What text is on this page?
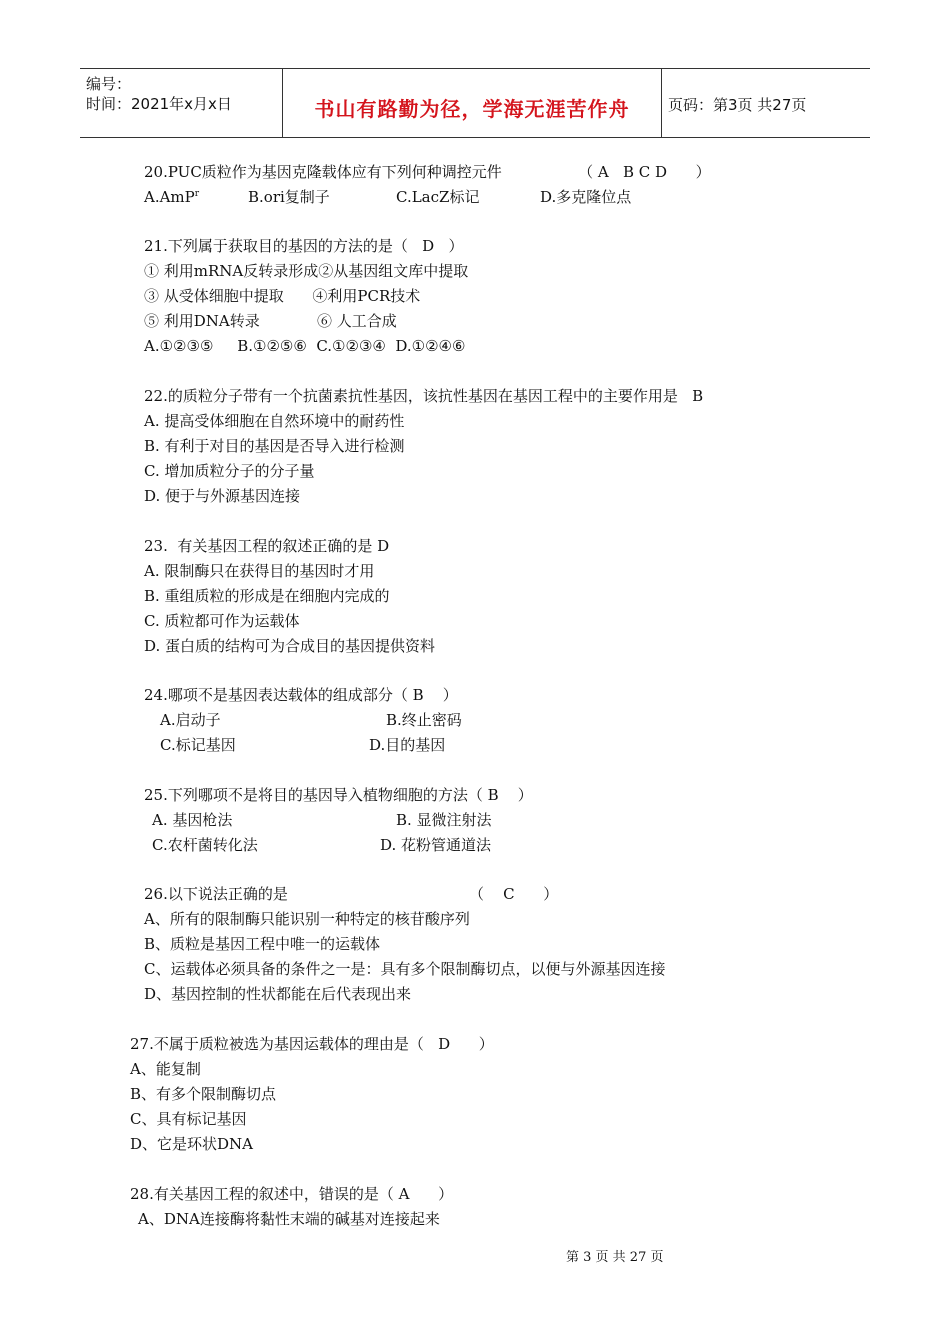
编号：
时间：2021年x月x日	书山有路勤为径，学海无涯苦作舟	页码：第3页 共27页
20.PUC质粒作为基因克隆载体应有下列何种调控元件                （ A   B C D      ）
A.AmP$^r$	B.ori复制子	C.LacZ标记	D.多克隆位点
21.下列属于获取目的基因的方法的是（   D   ）
① 利用mRNA反转录形成②从基因组文库中提取
③ 从受体细胞中提取      ④利用PCR技术
⑤ 利用DNA转录            ⑥ 人工合成
A.①②③⑤     B.①②⑤⑥  C.①②③④  D.①②④⑥
22.的质粒分子带有一个抗菌素抗性基因，该抗性基因在基因工程中的主要作用是   B
A. 提高受体细胞在自然环境中的耐药性
B. 有利于对目的基因是否导入进行检测
C. 增加质粒分子的分子量
D. 便于与外源基因连接
23.  有关基因工程的叙述正确的是 D
A. 限制酶只在获得目的基因时才用
B. 重组质粒的形成是在细胞内完成的
C. 质粒都可作为运载体
D. 蛋白质的结构可为合成目的基因提供资料
24.哪项不是基因表达载体的组成部分（ B    ）
A.启动子	B.终止密码
C.标记基因	D.目的基因
25.下列哪项不是将目的基因导入植物细胞的方法（ B    ）
A. 基因枪法	B. 显微注射法
C.农杆菌转化法	D. 花粉管通道法
26.以下说法正确的是                                      （    C      ）
A、所有的限制酶只能识别一种特定的核苷酸序列
B、质粒是基因工程中唯一的运载体
C、运载体必须具备的条件之一是：具有多个限制酶切点，以便与外源基因连接
D、基因控制的性状都能在后代表现出来
27.不属于质粒被选为基因运载体的理由是（   D      ）
A、能复制
B、有多个限制酶切点
C、具有标记基因
D、它是环状DNA
28.有关基因工程的叙述中，错误的是（ A      ）
A、DNA连接酶将黏性末端的碱基对连接起来
第 3 页 共 27 页
